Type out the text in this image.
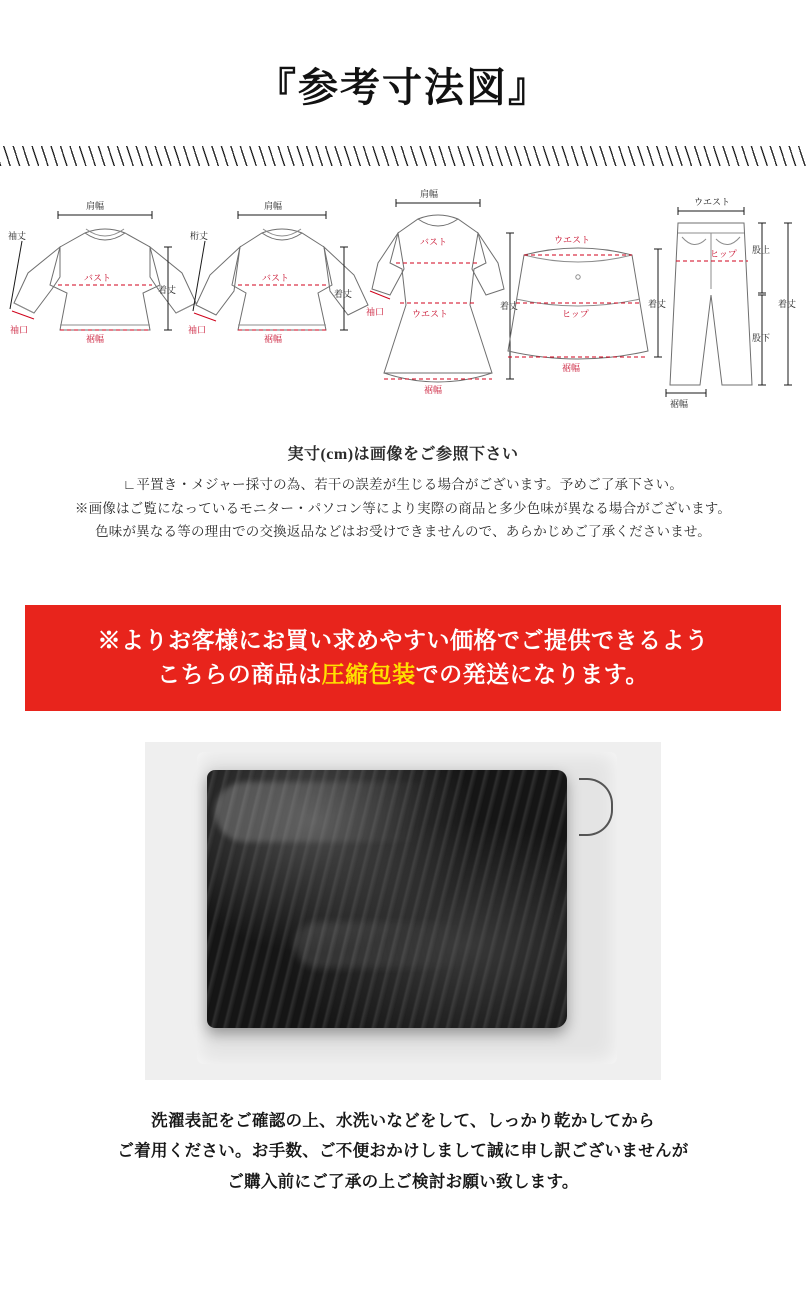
『参考寸法図』
肩幅
袖丈
着丈
バスト
裾幅
袖口
肩幅
桁丈
着丈
バスト
裾幅
袖口
肩幅
バスト
ウエスト
着丈
袖口
裾幅
ウエスト
ヒップ
着丈
裾幅
ウエスト
ヒップ 股上
股下
着丈
裾幅
実寸(cm)は画像をご参照下さい
∟平置き・メジャー採寸の為、若干の誤差が生じる場合がございます。予めご了承下さい。
※画像はご覧になっているモニター・パソコン等により実際の商品と多少色味が異なる場合がございます。
色味が異なる等の理由での交換返品などはお受けできませんので、あらかじめご了承くださいませ。
※よりお客様にお買い求めやすい価格でご提供できるよう
こちらの商品は圧縮包装での発送になります。
洗濯表記をご確認の上、水洗いなどをして、しっかり乾かしてから
ご着用ください。お手数、ご不便おかけしまして誠に申し訳ございませんが
ご購入前にご了承の上ご検討お願い致します。
